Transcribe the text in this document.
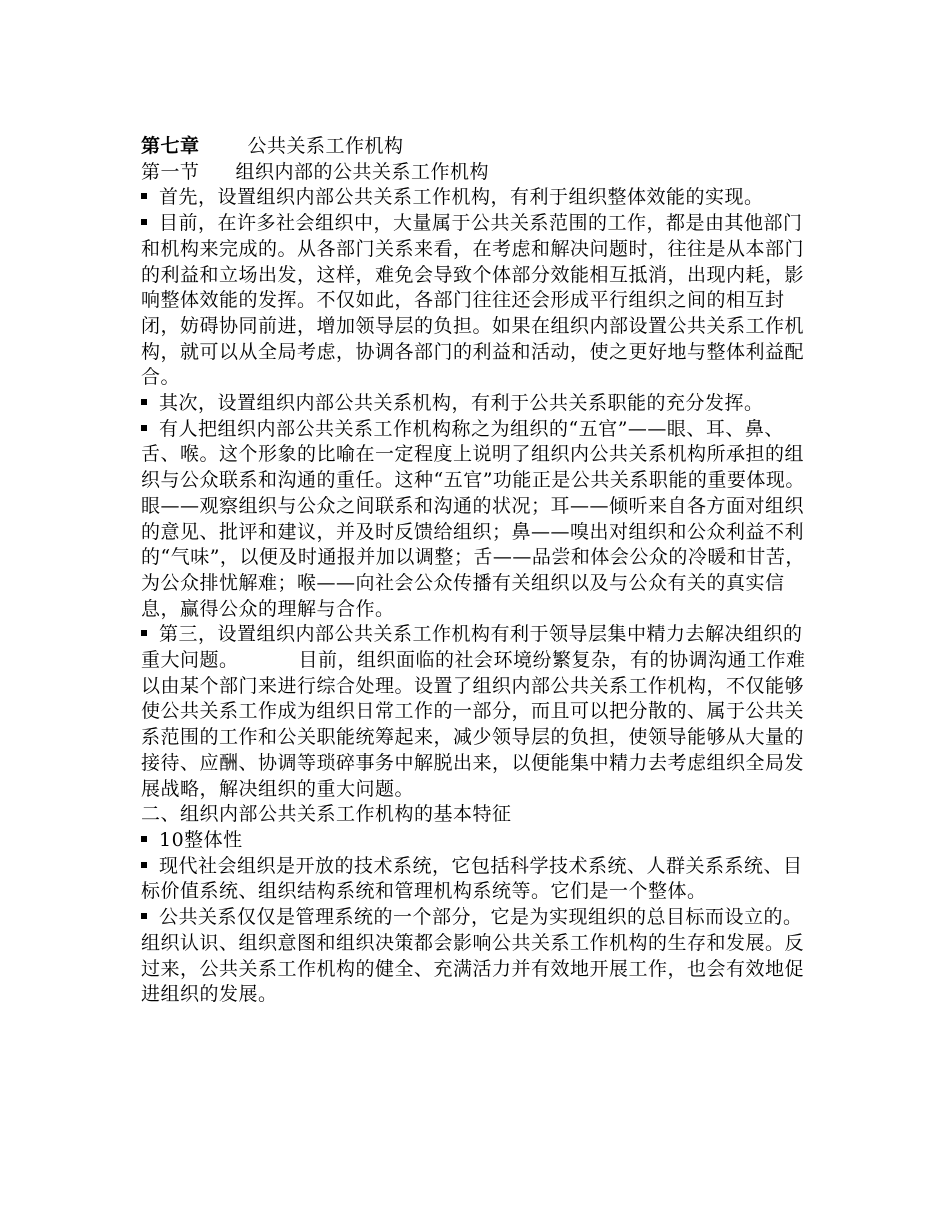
第七章	公共关系工作机构
第一节 组织内部的公共关系工作机构

首先，设置组织内部公共关系工作机构，有利于组织整体效能的实现。

目前，在许多社会组织中，大量属于公共关系范围的工作，都是由其他部门和机构来完成的。从各部门关系来看，在考虑和解决问题时，往往是从本部门的利益和立场出发，这样，难免会导致个体部分效能相互抵消，出现内耗，影响整体效能的发挥。不仅如此，各部门往往还会形成平行组织之间的相互封闭，妨碍协同前进，增加领导层的负担。如果在组织内部设置公共关系工作机构，就可以从全局考虑，协调各部门的利益和活动，使之更好地与整体利益配合。

其次，设置组织内部公共关系机构，有利于公共关系职能的充分发挥。

有人把组织内部公共关系工作机构称之为组织的“五官”——眼、耳、鼻、舌、喉。这个形象的比喻在一定程度上说明了组织内公共关系机构所承担的组织与公众联系和沟通的重任。这种“五官”功能正是公共关系职能的重要体现。眼——观察组织与公众之间联系和沟通的状况；耳——倾听来自各方面对组织的意见、批评和建议，并及时反馈给组织；鼻——嗅出对组织和公众利益不利的“气味”，以便及时通报并加以调整；舌——品尝和体会公众的冷暖和甘苦，为公众排忧解难；喉——向社会公众传播有关组织以及与公众有关的真实信息，赢得公众的理解与合作。

第三，设置组织内部公共关系工作机构有利于领导层集中精力去解决组织的重大问题。	目前，组织面临的社会环境纷繁复杂，有的协调沟通工作难以由某个部门来进行综合处理。设置了组织内部公共关系工作机构，不仅能够使公共关系工作成为组织日常工作的一部分，而且可以把分散的、属于公共关系范围的工作和公关职能统筹起来，减少领导层的负担，使领导能够从大量的接待、应酬、协调等琐碎事务中解脱出来，以便能集中精力去考虑组织全局发展战略，解决组织的重大问题。

二、组织内部公共关系工作机构的基本特征

10整体性

现代社会组织是开放的技术系统，它包括科学技术系统、人群关系系统、目标价值系统、组织结构系统和管理机构系统等。它们是一个整体。

公共关系仅仅是管理系统的一个部分，它是为实现组织的总目标而设立的。组织认识、组织意图和组织决策都会影响公共关系工作机构的生存和发展。反过来，公共关系工作机构的健全、充满活力并有效地开展工作，也会有效地促进组织的发展。
